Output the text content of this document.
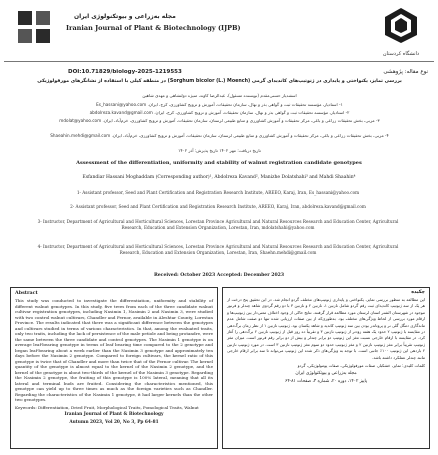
مجله به‌زراعی و بیوتکنولوژی ایران
Iranian Journal of Plant & Biotechnology (IJPB)
دانشگاه کردستان
DOI:10.71829/biology-2025-1219553	نوع مقاله: پژوهشی
بررسی تمایز، یکنواختی و پایداری در ژنوتیپ‌های کاندیدای گرمی (Sorghum bicolor (L.) Moench) در منطقه کیلی با استفاده از نشانگرهای مورفولوژیکی
اسفندیار حسنی‌مقدم (نویسنده مسئول)، عبدالرضا کاوند، منیژه دولتشاهی و مهدی شاهین
۱- استادیار، مؤسسه تحقیقات ثبت و گواهی بذر و نهال، سازمان تحقیقات، آموزش و ترویج کشاورزی، کرج، ایران. Es_hassani@yahoo.com
۲- استادیار، مؤسسه تحقیقات ثبت و گواهی بذر و نهال، سازمان تحقیقات، آموزش و ترویج کشاورزی، کرج، ایران. abdolreza.kavand@gmail.com
۳- مربی، بخش تحقیقات زراعی و باغی، مرکز تحقیقات و آموزش کشاورزی و منابع طبیعی لرستان، سازمان تحقیقات، آموزش و ترویج کشاورزی، خرم‌آباد، ایران. mdolat@yahoo.com
۴- مربی، بخش تحقیقات زراعی و باغی، مرکز تحقیقات و آموزش کشاورزی و منابع طبیعی لرستان، سازمان تحقیقات، آموزش و ترویج کشاورزی، خرم‌آباد، ایران. Shaeahin.mehdi@gmail.com
تاریخ دریافت: مهر ۱۴۰۲ تاریخ پذیرش: آذر ۱۴۰۲
Assessment of the differentiation, uniformity and stability of walnut registration candidate genotypes
Esfandiar Hassani Moghaddam (Corresponding author)¹, Abdolreza Kavand², Manizhe Dolatshahi³ and Mahdi Shaahin⁴
1- Assistant professor, Seed and Plant Certification and Registration Research Institute, AREEO, Karaj, Iran, Es_hassani@yahoo.com
2- Assistant professor, Seed and Plant Certification and Registration Research Institute, AREEO, Karaj, Iran, abdolreza.kavand@gmail.com
3- Instructor, Department of Agricultural and Horticultural Sciences, Lorestan Province Agricultural and Natural Resources Research and Education Center, Agricultural Research, Education and Extension Organization, Lorestan, Iran, mdolatshahi@yahoo.com
4- Instructor, Department of Agricultural and Horticultural Sciences, Lorestan Province Agricultural and Natural Resources Research and Education Center, Agricultural Research, Education and Extension Organization, Lorestan, Iran, Shaehn.mehdi@gmail.com
Received: October 2023 Accepted: December 2023
Abstract
This study was conducted to investigate the differentiation, uniformity and stability of different walnut genotypes. In this study, five trees from each of the three candidate walnut cultivar registration genotypes, including Nasimin 1, Nasimin 2 and Nasimin 3, were studied with two control walnut cultivars, Chandler and Fernor, available in Aleshtar County, Lorestan Province. The results indicated that there was a significant difference between the genotypes and cultivars studied in terms of various characteristics. In that, among the evaluated traits, only two traits, including the lack of persistence of the male petiole and being protandre, were the same between the three candidate and control genotypes. The Nasimin 1 genotype is on average leaf-bearing genotype in terms of leaf bearing time compared to the 2 genotype and began leaf-bearing about a week earlier than the Nasimin 3 genotype and approximately ten days before the Nasimin 2 genotype. Compared to foreign cultivars, the kernel ratio of this genotype is twice that of Chandler and more than twice that of the Fernor cultivar. The kernel quantity of the genotype is almost equal to the kernel of the Nasimin 2 genotype, and the kernel of the genotype is about two-thirds of the kernel of the Nasimin 3 genotype. Regarding the Nasimin 2 genotype, the fruiting of this genotype is 100% lateral, meaning that all its lateral and terminal buds are fruited. Considering the characteristics mentioned, this genotype can yield up to three times as much as the foreign varieties such as Chandler. Regarding the characteristics of the Nasimin 1 genotype, it had larger kernels than the other two genotypes.
Keywords: Differentiation, Dried Fruit, Morphological Traits, Pomological Traits, Walnut
Iranian Journal of Plant & Biotechnology
Autumn 2023, Vol 20, No 3, Pp 64-81
چکیده
این مطالعه به منظور بررسی تمایز، یکنواختی و پایداری ژنوتیپ‌های مختلف گردو انجام شد. در این تحقیق پنج درخت از هر یک از سه ژنوتیپ کاندیدای ثبت رقم گردو شامل نازنین ۱، نازنین ۲ و نازنین ۳ با دو رقم گردوی شاهد چندلر و فرنور موجود در شهرستان الشتر استان لرستان مورد مطالعه قرار گرفتند. نتایج حاکی از وجود اختلاف معنی‌دار بین ژنوتیپ‌ها و ارقام مورد بررسی از لحاظ ویژگی‌های مختلف بود. به‌طوری‌که از بین صفات ارزیابی شده تنها دو صفت شامل عدم ماندگاری دمگل گلی نر و پروتاندر بودن بین سه ژنوتیپ کاندید و شاهد یکسان بود. ژنوتیپ نازنین ۱ از نظر زمان برگ‌دهی در مقایسه با ژنوتیپ ۲ حدود یک هفته زودتر از ژنوتیپ نازنین ۳ و تقریباً ده روز قبل از ژنوتیپ نازنین ۲ برگ‌دهی را آغاز کرد. در مقایسه با ارقام خارجی نسبت مغز این ژنوتیپ دو برابر چندلر و بیش از دو برابر رقم فرنور است. میزان مغز ژنوتیپ تقریباً برابر مغز ژنوتیپ نازنین ۲ و مغز ژنوتیپ حدود دو سوم مغز ژنوتیپ نازنین ۳ است. در مورد ژنوتیپ نازنین ۲ باردهی این ژنوتیپ ۱۰۰٪ جانبی است. با توجه به ویژگی‌های ذکر شده این ژنوتیپ می‌تواند تا سه برابر ارقام خارجی مانند چندلر عملکرد داشته باشد.
کلمات کلیدی: تمایز، خشکبار، صفات مورفولوژیکی، صفات پومولوژیکی، گردو
مجله به‌زراعی و بیوتکنولوژی ایران
پاییز ۱۴۰۲، دوره ۲۰، شماره ۳، صفحات ۸۱-۶۴
